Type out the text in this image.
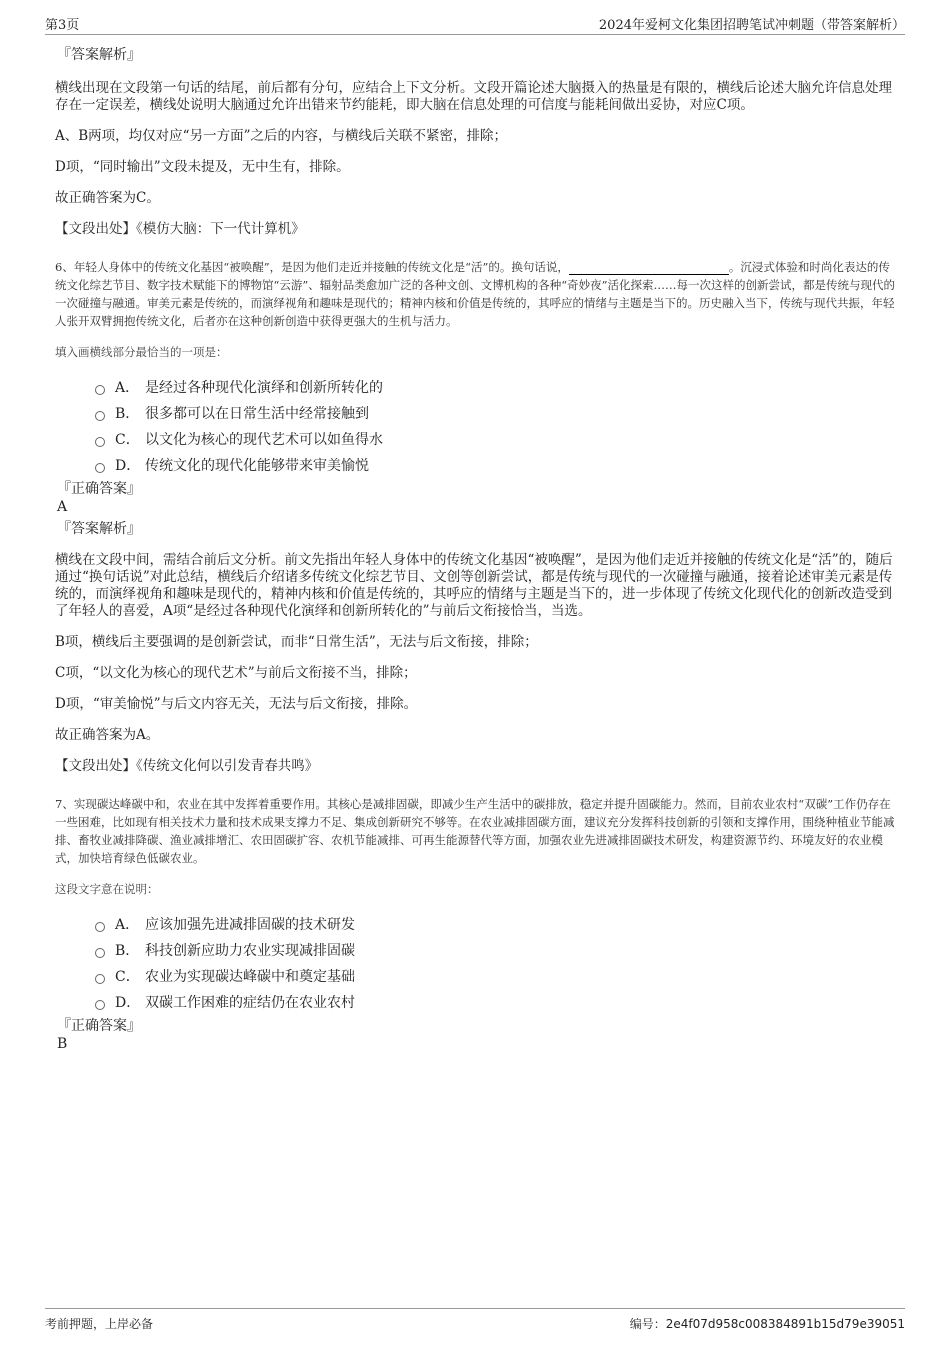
第3页	2024年爱柯文化集团招聘笔试冲刺题（带答案解析）

『答案解析』

横线出现在文段第一句话的结尾，前后都有分句，应结合上下文分析。文段开篇论述大脑摄入的热量是有限的，横线后论述大脑允许信息处理存在一定误差，横线处说明大脑通过允许出错来节约能耗，即大脑在信息处理的可信度与能耗间做出妥协，对应C项。

A、B两项，均仅对应“另一方面”之后的内容，与横线后关联不紧密，排除；

D项，“同时输出”文段未提及，无中生有，排除。

故正确答案为C。

【文段出处】《模仿大脑：下一代计算机》

6、年轻人身体中的传统文化基因“被唤醒”，是因为他们走近并接触的传统文化是“活”的。换句话说，	。沉浸式体验和时尚化表达的传统文化综艺节目、数字技术赋能下的博物馆“云游”、辐射品类愈加广泛的各种文创、文博机构的各种“奇妙夜”活化探索……每一次这样的创新尝试，都是传统与现代的一次碰撞与融通。审美元素是传统的，而演绎视角和趣味是现代的；精神内核和价值是传统的，其呼应的情绪与主题是当下的。历史融入当下，传统与现代共振，年轻人张开双臂拥抱传统文化，后者亦在这种创新创造中获得更强大的生机与活力。

填入画横线部分最恰当的一项是：

A． 是经过各种现代化演绎和创新所转化的
B． 很多都可以在日常生活中经常接触到
C． 以文化为核心的现代艺术可以如鱼得水
D． 传统文化的现代化能够带来审美愉悦

『正确答案』

A

『答案解析』

横线在文段中间，需结合前后文分析。前文先指出年轻人身体中的传统文化基因“被唤醒”，是因为他们走近并接触的传统文化是“活”的，随后通过“换句话说”对此总结，横线后介绍诸多传统文化综艺节目、文创等创新尝试，都是传统与现代的一次碰撞与融通，接着论述审美元素是传统的，而演绎视角和趣味是现代的，精神内核和价值是传统的，其呼应的情绪与主题是当下的，进一步体现了传统文化现代化的创新改造受到了年轻人的喜爱，A项“是经过各种现代化演绎和创新所转化的”与前后文衔接恰当，当选。

B项，横线后主要强调的是创新尝试，而非“日常生活”，无法与后文衔接，排除；

C项，“以文化为核心的现代艺术”与前后文衔接不当，排除；

D项，“审美愉悦”与后文内容无关，无法与后文衔接，排除。

故正确答案为A。

【文段出处】《传统文化何以引发青春共鸣》

7、实现碳达峰碳中和，农业在其中发挥着重要作用。其核心是减排固碳，即减少生产生活中的碳排放，稳定并提升固碳能力。然而，目前农业农村“双碳”工作仍存在一些困难，比如现有相关技术力量和技术成果支撑力不足、集成创新研究不够等。在农业减排固碳方面，建议充分发挥科技创新的引领和支撑作用，围绕种植业节能减排、畜牧业减排降碳、渔业减排增汇、农田固碳扩容、农机节能减排、可再生能源替代等方面，加强农业先进减排固碳技术研发，构建资源节约、环境友好的农业模式，加快培育绿色低碳农业。

这段文字意在说明：

A． 应该加强先进减排固碳的技术研发
B． 科技创新应助力农业实现减排固碳
C． 农业为实现碳达峰碳中和奠定基础
D． 双碳工作困难的症结仍在农业农村

『正确答案』

B

考前押题，上岸必备	编号：2e4f07d958c008384891b15d79e39051
